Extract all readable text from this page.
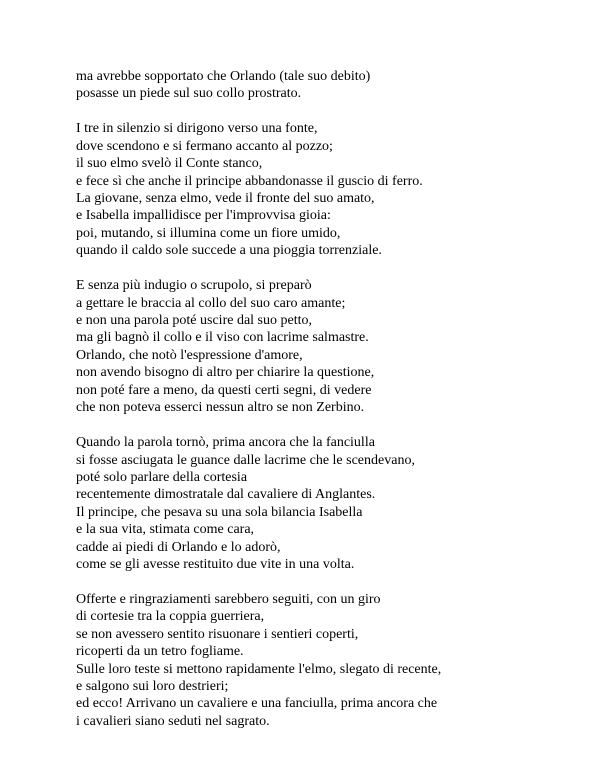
ma avrebbe sopportato che Orlando (tale suo debito)
posasse un piede sul suo collo prostrato.
I tre in silenzio si dirigono verso una fonte,
dove scendono e si fermano accanto al pozzo;
il suo elmo svelò il Conte stanco,
e fece sì che anche il principe abbandonasse il guscio di ferro.
La giovane, senza elmo, vede il fronte del suo amato,
e Isabella impallidisce per l'improvvisa gioia:
poi, mutando, si illumina come un fiore umido,
quando il caldo sole succede a una pioggia torrenziale.
E senza più indugio o scrupolo, si preparò
a gettare le braccia al collo del suo caro amante;
e non una parola poté uscire dal suo petto,
ma gli bagnò il collo e il viso con lacrime salmastre.
Orlando, che notò l'espressione d'amore,
non avendo bisogno di altro per chiarire la questione,
non poté fare a meno, da questi certi segni, di vedere
che non poteva esserci nessun altro se non Zerbino.
Quando la parola tornò, prima ancora che la fanciulla
si fosse asciugata le guance dalle lacrime che le scendevano,
poté solo parlare della cortesia
recentemente dimostratale dal cavaliere di Anglantes.
Il principe, che pesava su una sola bilancia Isabella
e la sua vita, stimata come cara,
cadde ai piedi di Orlando e lo adorò,
come se gli avesse restituito due vite in una volta.
Offerte e ringraziamenti sarebbero seguiti, con un giro
di cortesie tra la coppia guerriera,
se non avessero sentito risuonare i sentieri coperti,
ricoperti da un tetro fogliame.
Sulle loro teste si mettono rapidamente l'elmo, slegato di recente,
e salgono sui loro destrieri;
ed ecco! Arrivano un cavaliere e una fanciulla, prima ancora che
i cavalieri siano seduti nel sagrato.
